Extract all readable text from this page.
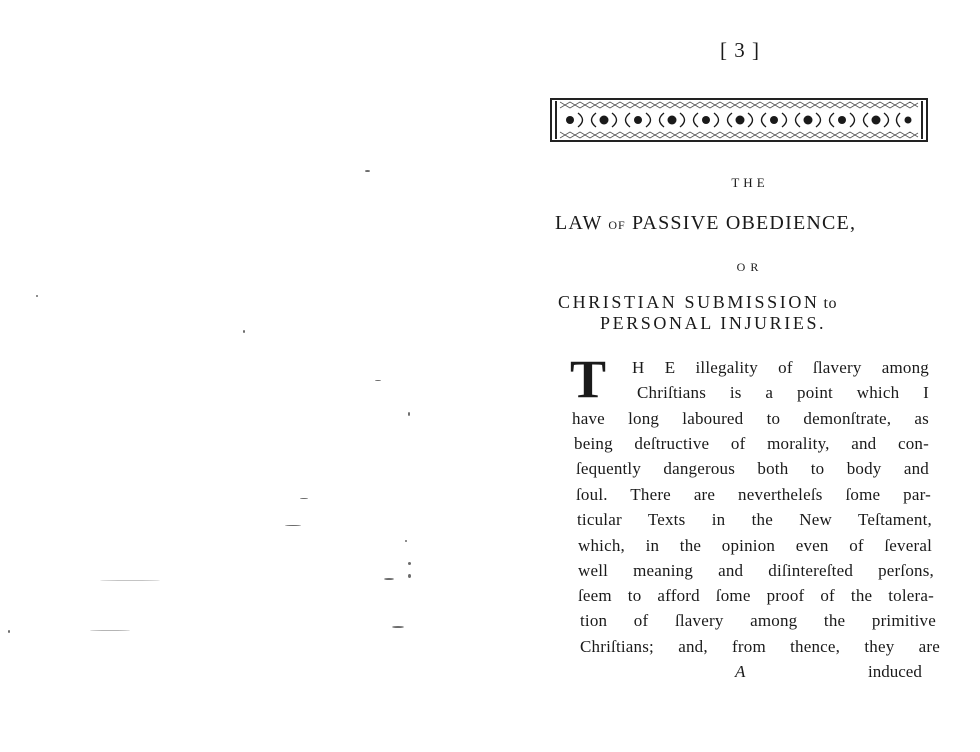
[ 3 ]
THE
LAW OF PASSIVE OBEDIENCE,
OR
CHRISTIAN SUBMISSION to
PERSONAL INJURIES.
T H E illegality of ſlavery among
Chriſtians is a point which I
have long laboured to demonſtrate, as
being deſtructive of morality, and con-
ſequently dangerous both to body and
ſoul. There are nevertheleſs ſome par-
ticular Texts in the New Teſtament,
which, in the opinion even of ſeveral
well meaning and diſintereſted perſons,
ſeem to afford ſome proof of the tolera-
tion of ſlavery among the primitive
Chriſtians; and, from thence, they are
A	induced
